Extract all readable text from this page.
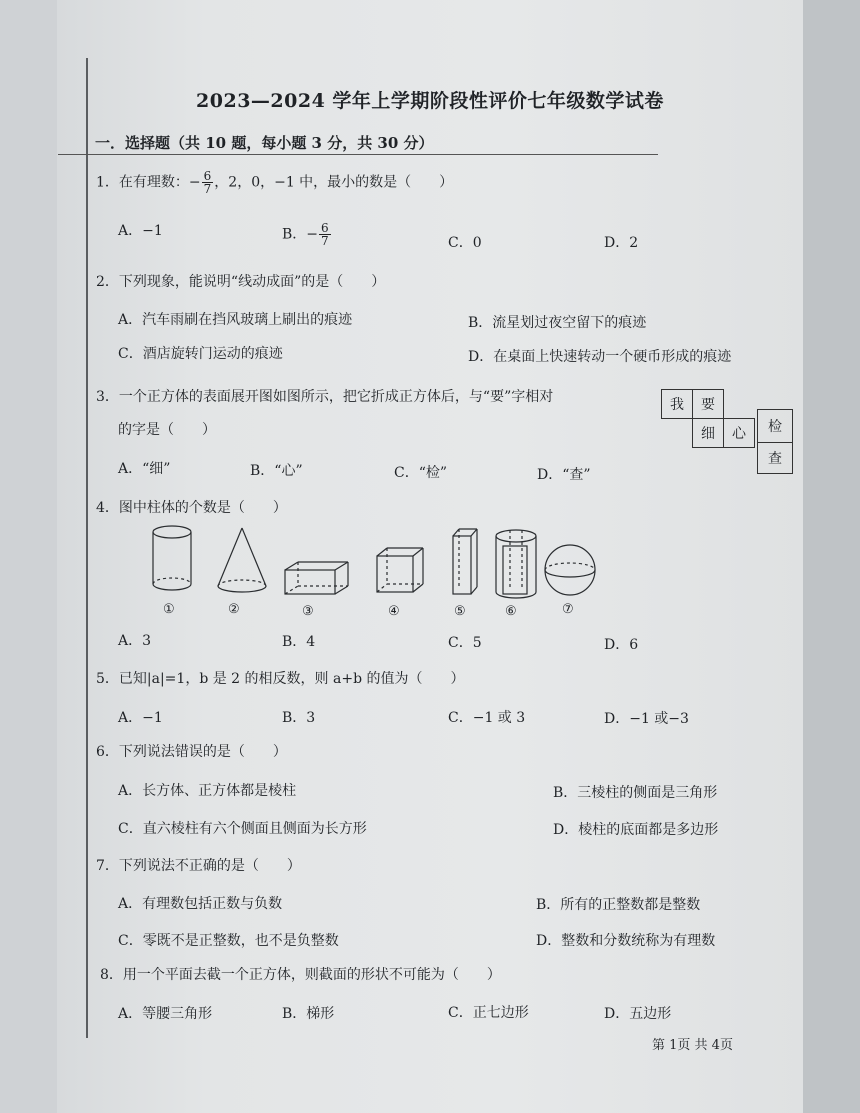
2023—2024 学年上学期阶段性评价七年级数学试卷
一．选择题（共 10 题，每小题 3 分，共 30 分）
1．在有理数：− $\frac{6}{7}$ ，2，0，−1 中，最小的数是（　　）
A．−1	B．− $\frac{6}{7}$	C．0	D．2
2．下列现象，能说明“线动成面”的是（　　）
A．汽车雨刷在挡风玻璃上刷出的痕迹	B．流星划过夜空留下的痕迹
C．酒店旋转门运动的痕迹	D．在桌面上快速转动一个硬币形成的痕迹
3．一个正方体的表面展开图如图所示，把它折成正方体后，与“要”字相对
的字是（　　）
A．“细”	B．“心”	C．“检”	D．“查”
我	要
细	心	检
查
4．图中柱体的个数是（　　）
①	②	③	④	⑤	⑥	⑦
A．3	B．4	C．5	D．6
5．已知|a|=1，b 是 2 的相反数，则 a+b 的值为（　　）
A．−1	B．3	C．−1 或 3	D．−1 或−3
6．下列说法错误的是（　　）
A．长方体、正方体都是棱柱	B．三棱柱的侧面是三角形
C．直六棱柱有六个侧面且侧面为长方形	D．棱柱的底面都是多边形
7．下列说法不正确的是（　　）
A．有理数包括正数与负数	B．所有的正整数都是整数
C．零既不是正整数，也不是负整数	D．整数和分数统称为有理数
8．用一个平面去截一个正方体，则截面的形状不可能为（　　）
A．等腰三角形	B．梯形	C．正七边形	D．五边形
第 1页 共 4页
